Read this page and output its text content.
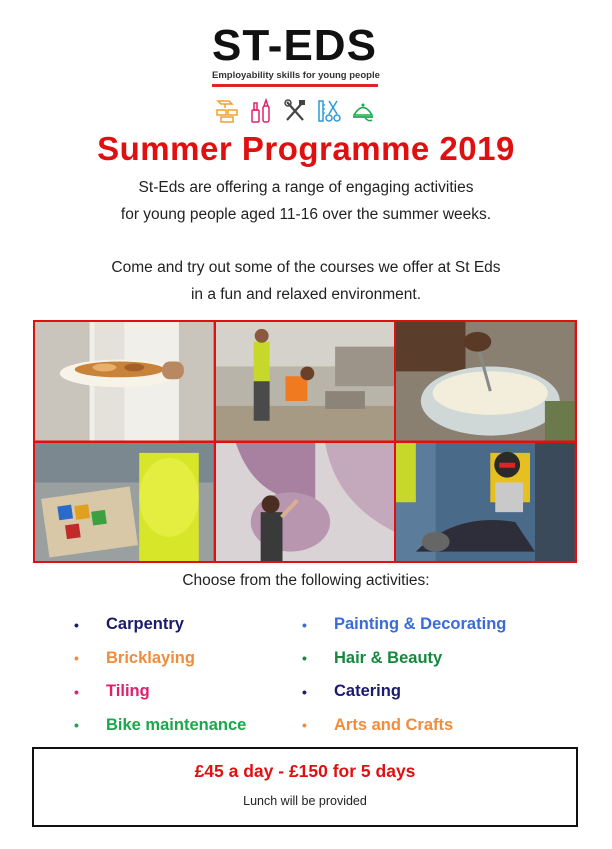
ST-EDS
Employability skills for young people
Summer Programme 2019
St-Eds are offering a range of engaging activities
for young people aged 11-16 over the summer weeks.
Come and try out some of the courses we offer at St Eds
in a fun and relaxed environment.
Choose from the following activities:
•	Carpentry
•	Bricklaying
•	Tiling
•	Bike maintenance
•	Painting & Decorating
•	Hair & Beauty
•	Catering
•	Arts and Crafts
£45 a day - £150 for 5 days
Lunch will be provided
